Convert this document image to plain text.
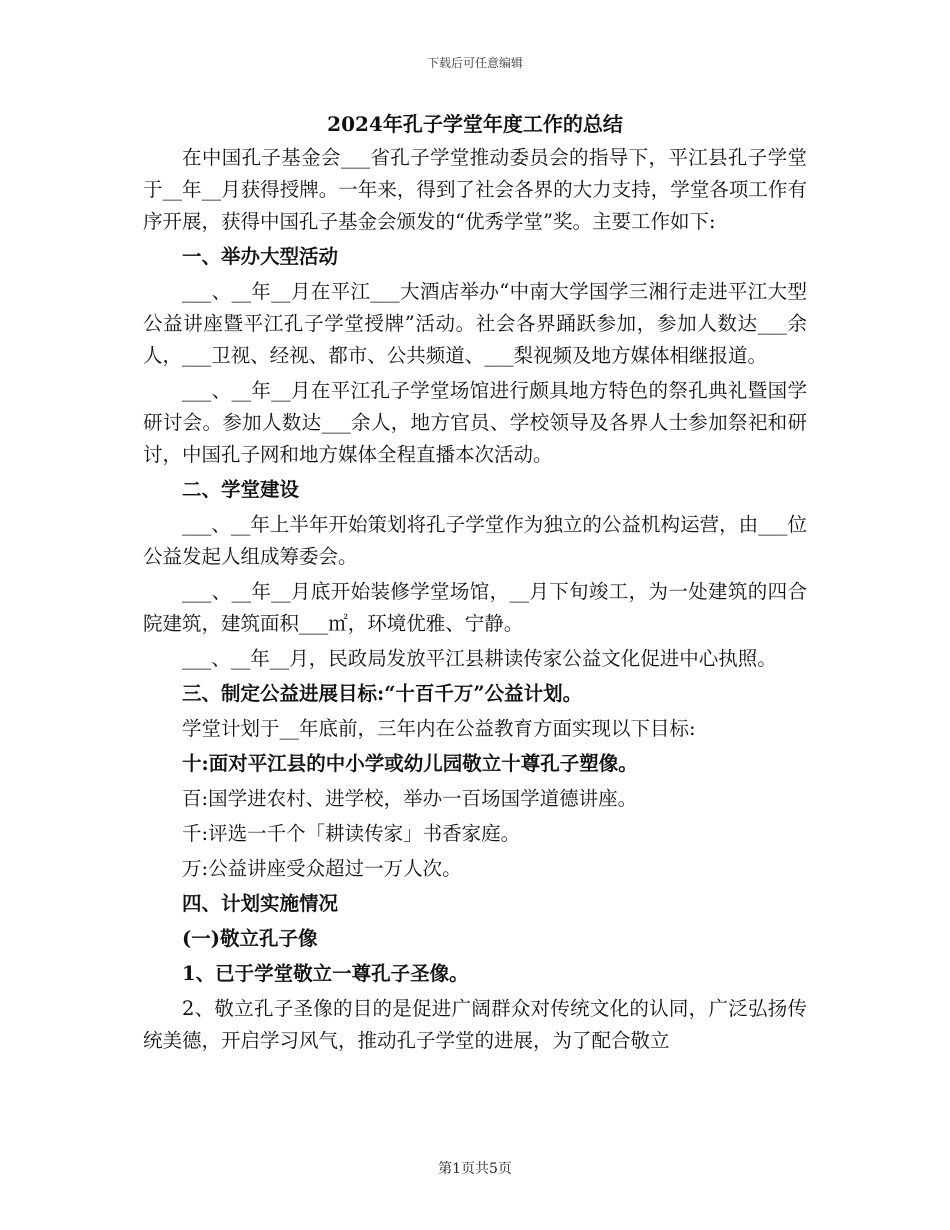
下载后可任意编辑
2024年孔子学堂年度工作的总结

在中国孔子基金会___省孔子学堂推动委员会的指导下，平江县孔子学堂于__年__月获得授牌。一年来，得到了社会各界的大力支持，学堂各项工作有序开展，获得中国孔子基金会颁发的“优秀学堂”奖。主要工作如下:

一、举办大型活动

___、__年__月在平江___大酒店举办“中南大学国学三湘行走进平江大型公益讲座暨平江孔子学堂授牌”活动。社会各界踊跃参加，参加人数达___余人，___卫视、经视、都市、公共频道、___梨视频及地方媒体相继报道。

___、__年__月在平江孔子学堂场馆进行颇具地方特色的祭孔典礼暨国学研讨会。参加人数达___余人，地方官员、学校领导及各界人士参加祭祀和研讨，中国孔子网和地方媒体全程直播本次活动。

二、学堂建设

___、__年上半年开始策划将孔子学堂作为独立的公益机构运营，由___位公益发起人组成筹委会。

___、__年__月底开始装修学堂场馆，__月下旬竣工，为一处建筑的四合院建筑，建筑面积___㎡，环境优雅、宁静。

___、__年__月，民政局发放平江县耕读传家公益文化促进中心执照。

三、制定公益进展目标:“十百千万”公益计划。

学堂计划于__年底前，三年内在公益教育方面实现以下目标:

十:面对平江县的中小学或幼儿园敬立十尊孔子塑像。

百:国学进农村、进学校，举办一百场国学道德讲座。

千:评选一千个「耕读传家」书香家庭。

万:公益讲座受众超过一万人次。

四、计划实施情况

(一)敬立孔子像

1、已于学堂敬立一尊孔子圣像。

2、敬立孔子圣像的目的是促进广阔群众对传统文化的认同，广泛弘扬传统美德，开启学习风气，推动孔子学堂的进展，为了配合敬立

第1页共5页
